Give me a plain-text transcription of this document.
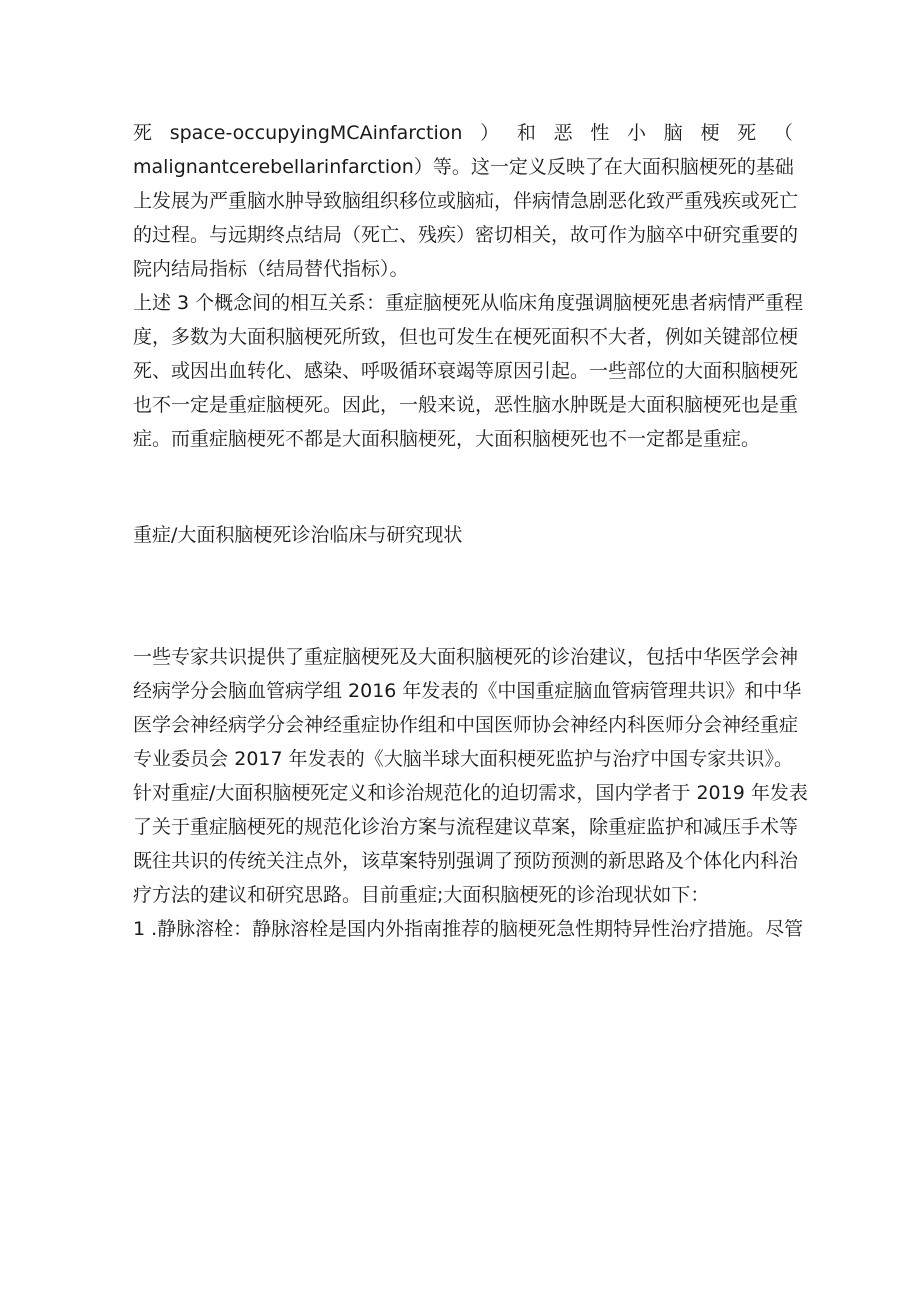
死 space-occupyingMCAinfarction ） 和 恶 性 小 脑 梗 死 （

malignantcerebellarinfarction）等。这一定义反映了在大面积脑梗死的基础

上发展为严重脑水肿导致脑组织移位或脑疝，伴病情急剧恶化致严重残疾或死亡

的过程。与远期终点结局（死亡、残疾）密切相关，故可作为脑卒中研究重要的

院内结局指标（结局替代指标）。

上述 3 个概念间的相互关系：重症脑梗死从临床角度强调脑梗死患者病情严重程

度，多数为大面积脑梗死所致，但也可发生在梗死面积不大者，例如关键部位梗

死、或因出血转化、感染、呼吸循环衰竭等原因引起。一些部位的大面积脑梗死

也不一定是重症脑梗死。因此，一般来说，恶性脑水肿既是大面积脑梗死也是重

症。而重症脑梗死不都是大面积脑梗死，大面积脑梗死也不一定都是重症。

重症/大面积脑梗死诊治临床与研究现状

一些专家共识提供了重症脑梗死及大面积脑梗死的诊治建议，包括中华医学会神

经病学分会脑血管病学组 2016 年发表的《中国重症脑血管病管理共识》和中华

医学会神经病学分会神经重症协作组和中国医师协会神经内科医师分会神经重症

专业委员会 2017 年发表的《大脑半球大面积梗死监护与治疗中国专家共识》。

针对重症/大面积脑梗死定义和诊治规范化的迫切需求，国内学者于 2019 年发表

了关于重症脑梗死的规范化诊治方案与流程建议草案，除重症监护和减压手术等

既往共识的传统关注点外，该草案特别强调了预防预测的新思路及个体化内科治

疗方法的建议和研究思路。目前重症;大面积脑梗死的诊治现状如下：

1 .静脉溶栓：静脉溶栓是国内外指南推荐的脑梗死急性期特异性治疗措施。尽管
